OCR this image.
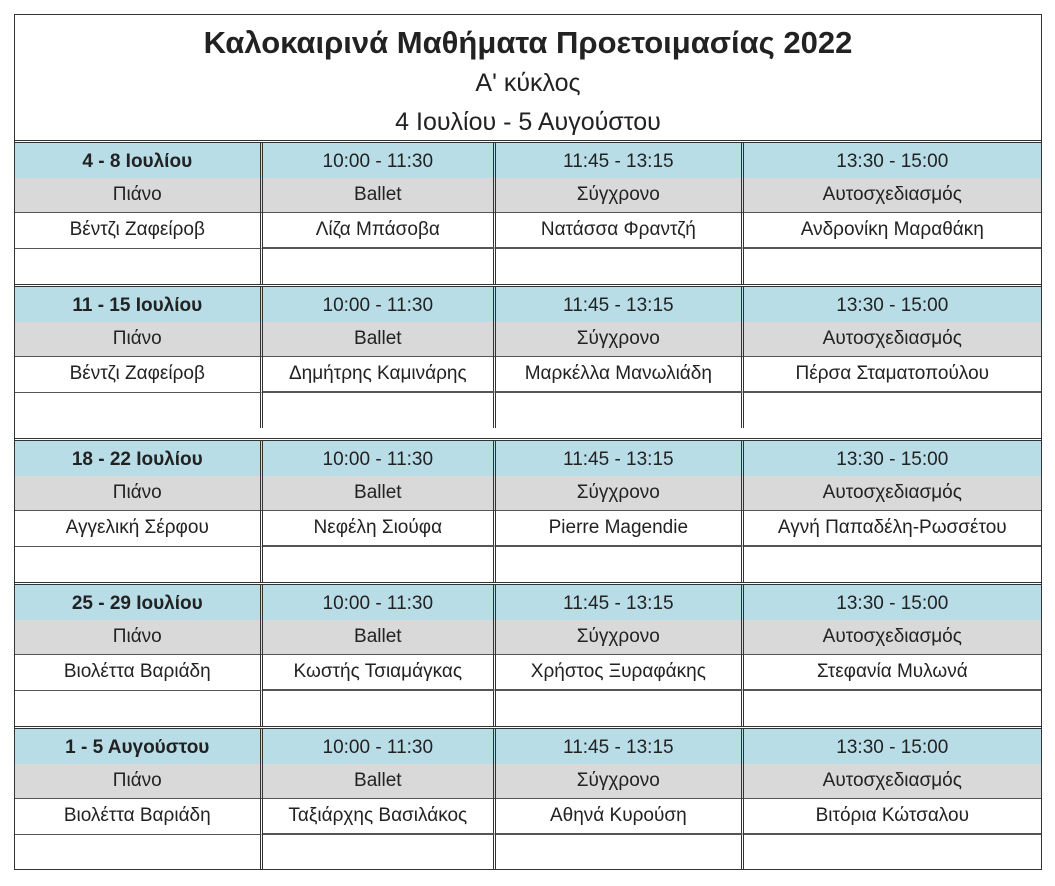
Καλοκαιρινά Μαθήματα Προετοιμασίας 2022
Α' κύκλος
4 Ιουλίου - 5 Αυγούστου
4 - 8 Ιουλίου	10:00 - 11:30	11:45 - 13:15	13:30 - 15:00
Πιάνο	Ballet	Σύγχρονο	Αυτοσχεδιασμός
Βέντζι Ζαφείροβ	Λίζα Μπάσοβα	Νατάσσα Φραντζή	Ανδρονίκη Μαραθάκη
11 - 15 Ιουλίου	10:00 - 11:30	11:45 - 13:15	13:30 - 15:00
Πιάνο	Ballet	Σύγχρονο	Αυτοσχεδιασμός
Βέντζι Ζαφείροβ	Δημήτρης Καμινάρης	Μαρκέλλα Μανωλιάδη	Πέρσα Σταματοπούλου
18 - 22 Ιουλίου	10:00 - 11:30	11:45 - 13:15	13:30 - 15:00
Πιάνο	Ballet	Σύγχρονο	Αυτοσχεδιασμός
Αγγελική Σέρφου	Νεφέλη Σιούφα	Pierre Magendie	Αγνή Παπαδέλη-Ρωσσέτου
25 - 29 Ιουλίου	10:00 - 11:30	11:45 - 13:15	13:30 - 15:00
Πιάνο	Ballet	Σύγχρονο	Αυτοσχεδιασμός
Βιολέττα Βαριάδη	Κωστής Τσιαμάγκας	Χρήστος Ξυραφάκης	Στεφανία Μυλωνά
1 - 5 Αυγούστου	10:00 - 11:30	11:45 - 13:15	13:30 - 15:00
Πιάνο	Ballet	Σύγχρονο	Αυτοσχεδιασμός
Βιολέττα Βαριάδη	Ταξιάρχης Βασιλάκος	Αθηνά Κυρούση	Βιτόρια Κώτσαλου
